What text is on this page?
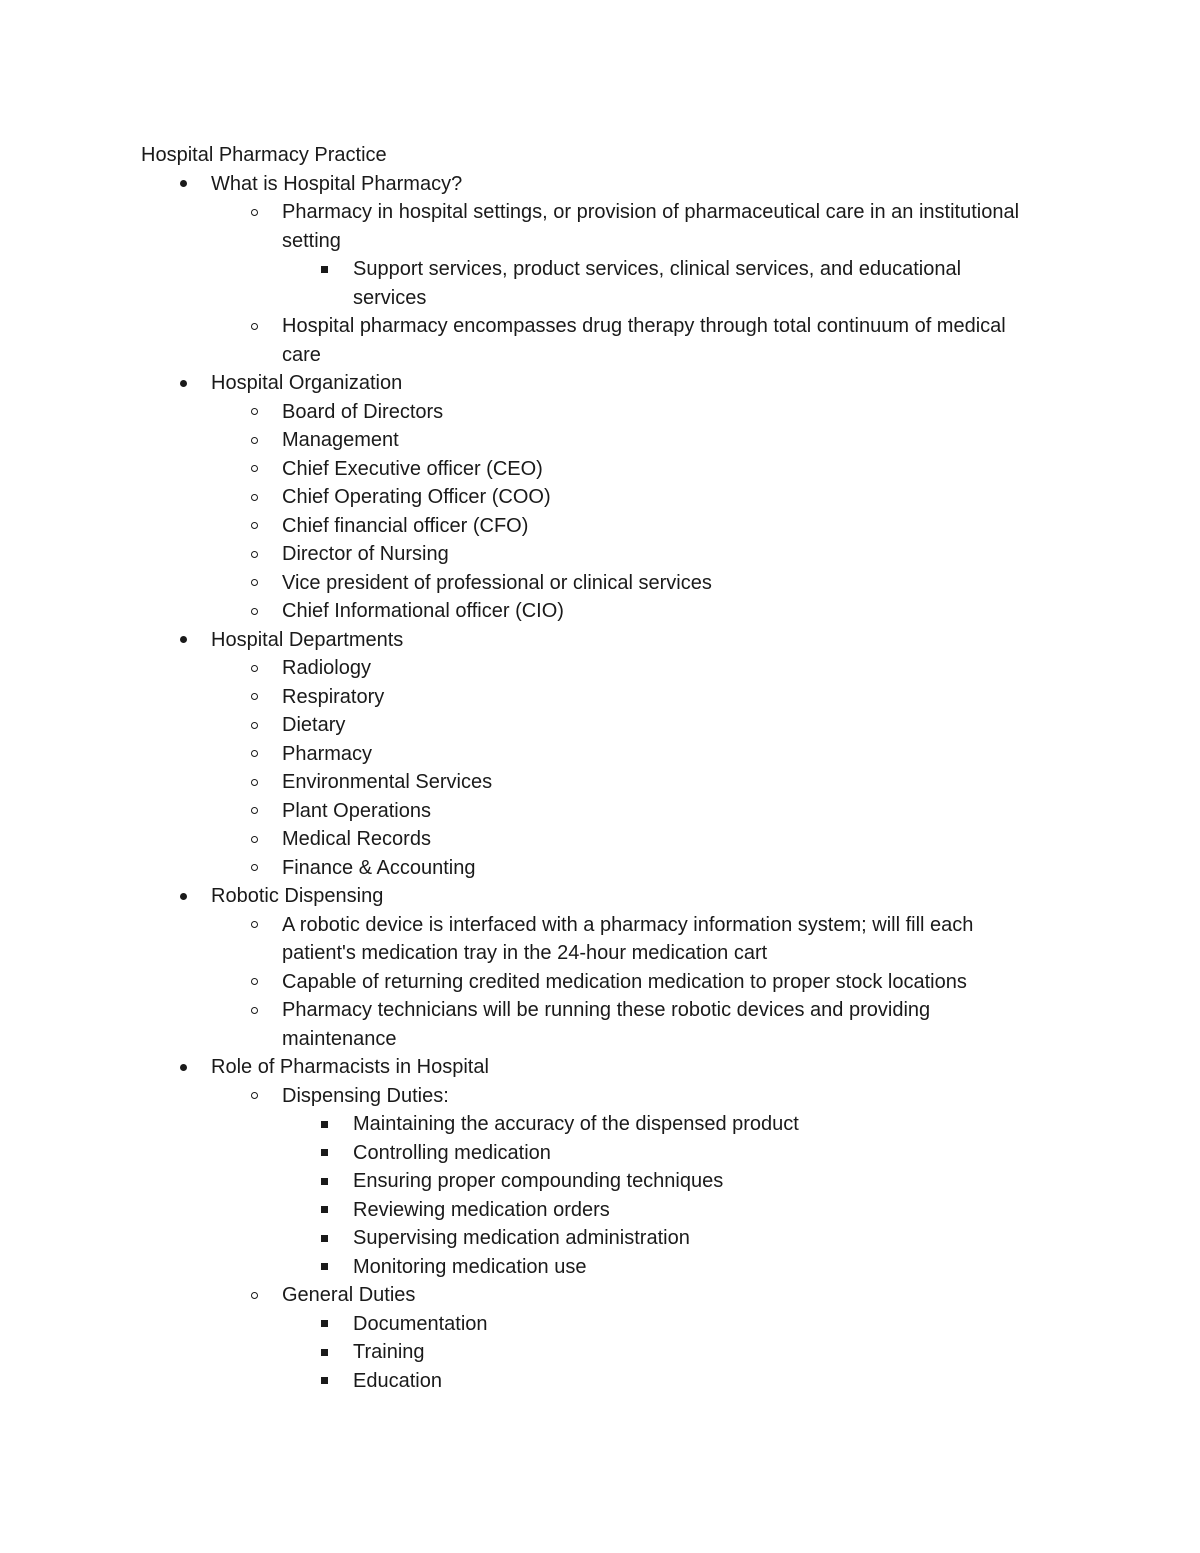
Hospital Pharmacy Practice
What is Hospital Pharmacy?
Pharmacy in hospital settings, or provision of pharmaceutical care in an institutional setting
Support services, product services, clinical services, and educational services
Hospital pharmacy encompasses drug therapy through total continuum of medical care
Hospital Organization
Board of Directors
Management
Chief Executive officer (CEO)
Chief Operating Officer (COO)
Chief financial officer (CFO)
Director of Nursing
Vice president of professional or clinical services
Chief Informational officer (CIO)
Hospital Departments
Radiology
Respiratory
Dietary
Pharmacy
Environmental Services
Plant Operations
Medical Records
Finance & Accounting
Robotic Dispensing
A robotic device is interfaced with a pharmacy information system; will fill each patient's medication tray in the 24-hour medication cart
Capable of returning credited medication medication to proper stock locations
Pharmacy technicians will be running these robotic devices and providing maintenance
Role of Pharmacists in Hospital
Dispensing Duties:
Maintaining the accuracy of the dispensed product
Controlling medication
Ensuring proper compounding techniques
Reviewing medication orders
Supervising medication administration
Monitoring medication use
General Duties
Documentation
Training
Education
